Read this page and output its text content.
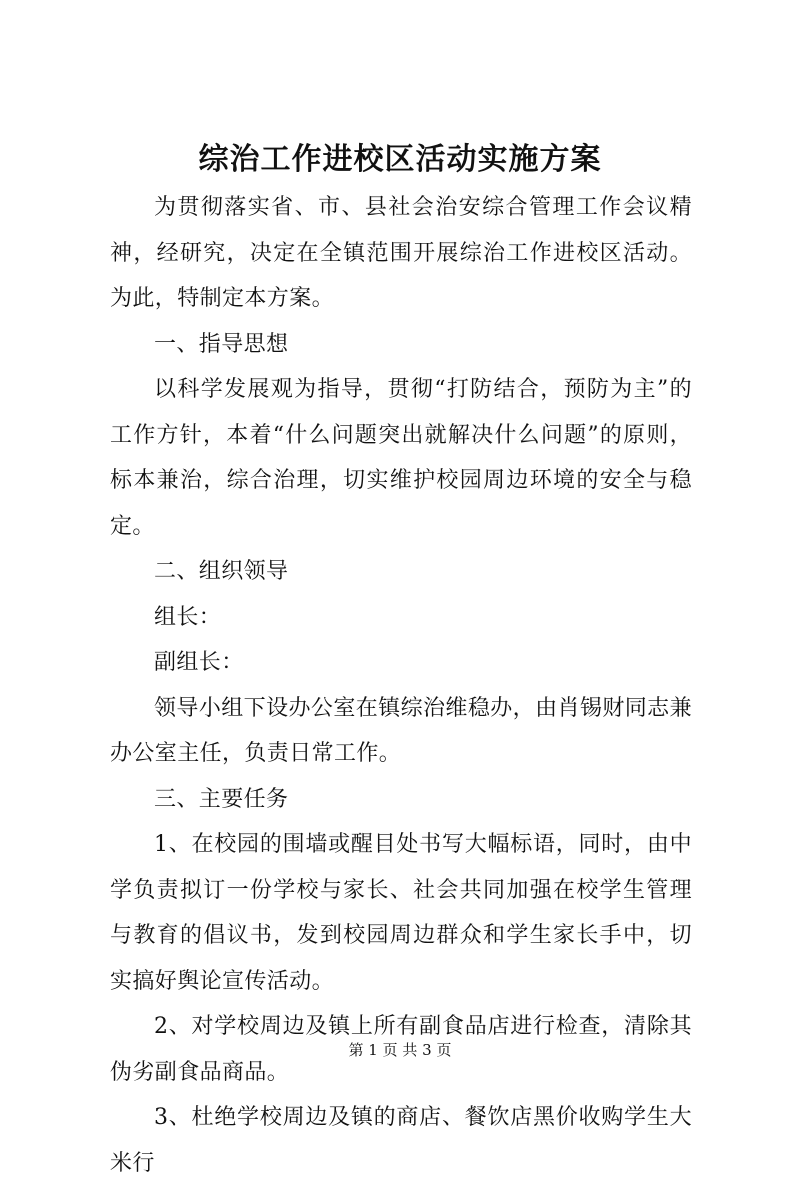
综治工作进校区活动实施方案

为贯彻落实省、市、县社会治安综合管理工作会议精神，经研究，决定在全镇范围开展综治工作进校区活动。为此，特制定本方案。

一、指导思想

以科学发展观为指导，贯彻“打防结合，预防为主”的工作方针，本着“什么问题突出就解决什么问题”的原则，标本兼治，综合治理，切实维护校园周边环境的安全与稳定。

二、组织领导

组长：

副组长：

领导小组下设办公室在镇综治维稳办，由肖锡财同志兼办公室主任，负责日常工作。

三、主要任务

1、在校园的围墙或醒目处书写大幅标语，同时，由中学负责拟订一份学校与家长、社会共同加强在校学生管理与教育的倡议书，发到校园周边群众和学生家长手中，切实搞好舆论宣传活动。

2、对学校周边及镇上所有副食品店进行检查，清除其伪劣副食品商品。

3、杜绝学校周边及镇的商店、餐饮店黑价收购学生大米行

第 1 页 共 3 页
